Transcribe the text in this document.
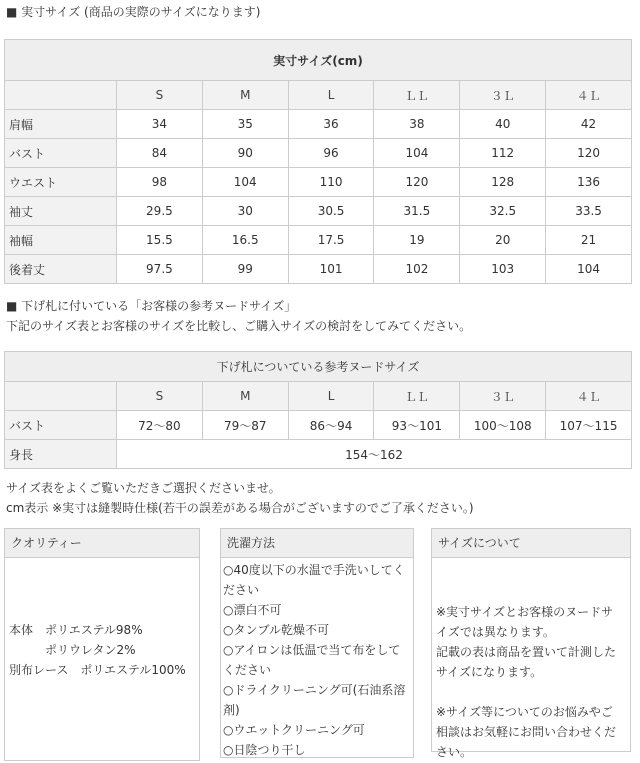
■ 実寸サイズ (商品の実際のサイズになります)
実寸サイズ(cm)						
	S	M	L	ＬＬ	３Ｌ	４Ｌ
肩幅	34	35	36	38	40	42
バスト	84	90	96	104	112	120
ウエスト	98	104	110	120	128	136
袖丈	29.5	30	30.5	31.5	32.5	33.5
袖幅	15.5	16.5	17.5	19	20	21
後着丈	97.5	99	101	102	103	104
■ 下げ札に付いている「お客様の参考ヌードサイズ」
下記のサイズ表とお客様のサイズを比較し、ご購入サイズの検討をしてみてください。
下げ札についている参考ヌードサイズ						
	S	M	L	ＬＬ	３Ｌ	４Ｌ
バスト	72〜80	79〜87	86〜94	93〜101	100〜108	107〜115
身長	154〜162					
サイズ表をよくご覧いただきご選択くださいませ。
cm表示 ※実寸は縫製時仕様(若干の誤差がある場合がございますのでご了承ください。)
クオリティー
本体　ポリエステル98%
ポリウレタン2%
別布レース　ポリエステル100%
洗濯方法
○40度以下の水温で手洗いしてください
○漂白不可
○タンブル乾燥不可
○アイロンは低温で当て布をしてください
○ドライクリーニング可(石油系溶剤)
○ウエットクリーニング可
○日陰つり干し
サイズについて
※実寸サイズとお客様のヌードサイズでは異なります。
記載の表は商品を置いて計測したサイズになります。
※サイズ等についてのお悩みやご相談はお気軽にお問い合わせください。
